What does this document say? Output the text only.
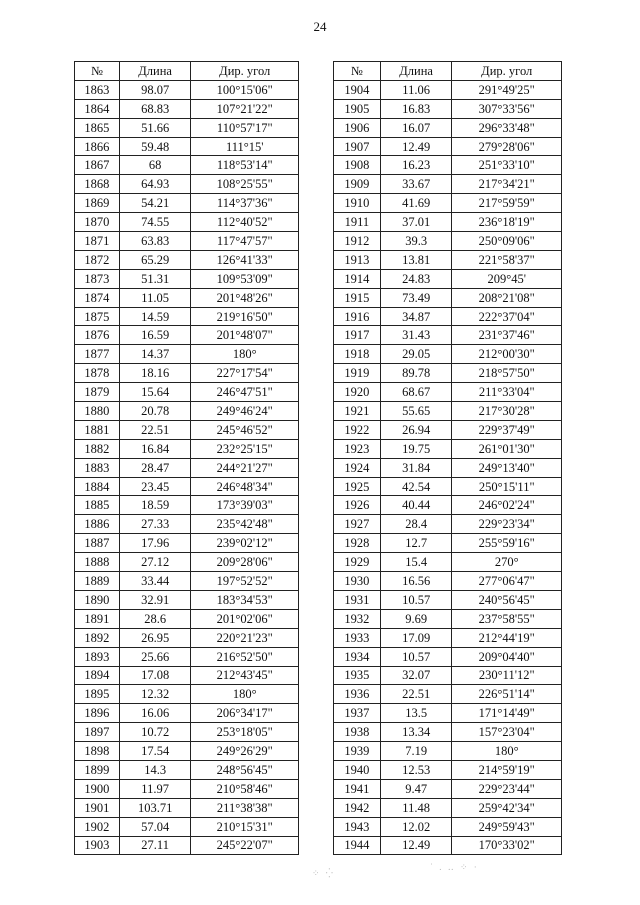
24
№	Длина	Дир. угол
1863	98.07	100°15'06"
1864	68.83	107°21'22"
1865	51.66	110°57'17"
1866	59.48	111°15'
1867	68	118°53'14"
1868	64.93	108°25'55"
1869	54.21	114°37'36"
1870	74.55	112°40'52"
1871	63.83	117°47'57"
1872	65.29	126°41'33"
1873	51.31	109°53'09"
1874	11.05	201°48'26"
1875	14.59	219°16'50"
1876	16.59	201°48'07"
1877	14.37	180°
1878	18.16	227°17'54"
1879	15.64	246°47'51"
1880	20.78	249°46'24"
1881	22.51	245°46'52"
1882	16.84	232°25'15"
1883	28.47	244°21'27"
1884	23.45	246°48'34"
1885	18.59	173°39'03"
1886	27.33	235°42'48"
1887	17.96	239°02'12"
1888	27.12	209°28'06"
1889	33.44	197°52'52"
1890	32.91	183°34'53"
1891	28.6	201°02'06"
1892	26.95	220°21'23"
1893	25.66	216°52'50"
1894	17.08	212°43'45"
1895	12.32	180°
1896	16.06	206°34'17"
1897	10.72	253°18'05"
1898	17.54	249°26'29"
1899	14.3	248°56'45"
1900	11.97	210°58'46"
1901	103.71	211°38'38"
1902	57.04	210°15'31"
1903	27.11	245°22'07"
№	Длина	Дир. угол
1904	11.06	291°49'25"
1905	16.83	307°33'56"
1906	16.07	296°33'48"
1907	12.49	279°28'06"
1908	16.23	251°33'10"
1909	33.67	217°34'21"
1910	41.69	217°59'59"
1911	37.01	236°18'19"
1912	39.3	250°09'06"
1913	13.81	221°58'37"
1914	24.83	209°45'
1915	73.49	208°21'08"
1916	34.87	222°37'04"
1917	31.43	231°37'46"
1918	29.05	212°00'30"
1919	89.78	218°57'50"
1920	68.67	211°33'04"
1921	55.65	217°30'28"
1922	26.94	229°37'49"
1923	19.75	261°01'30"
1924	31.84	249°13'40"
1925	42.54	250°15'11"
1926	40.44	246°02'24"
1927	28.4	229°23'34"
1928	12.7	255°59'16"
1929	15.4	270°
1930	16.56	277°06'47"
1931	10.57	240°56'45"
1932	9.69	237°58'55"
1933	17.09	212°44'19"
1934	10.57	209°04'40"
1935	32.07	230°11'12"
1936	22.51	226°51'14"
1937	13.5	171°14'49"
1938	13.34	157°23'04"
1939	7.19	180°
1940	12.53	214°59'19"
1941	9.47	229°23'44"
1942	11.48	259°42'34"
1943	12.02	249°59'43"
1944	12.49	170°33'02"
⁘ ⁛
˙ . ‥ ⁘ ·
